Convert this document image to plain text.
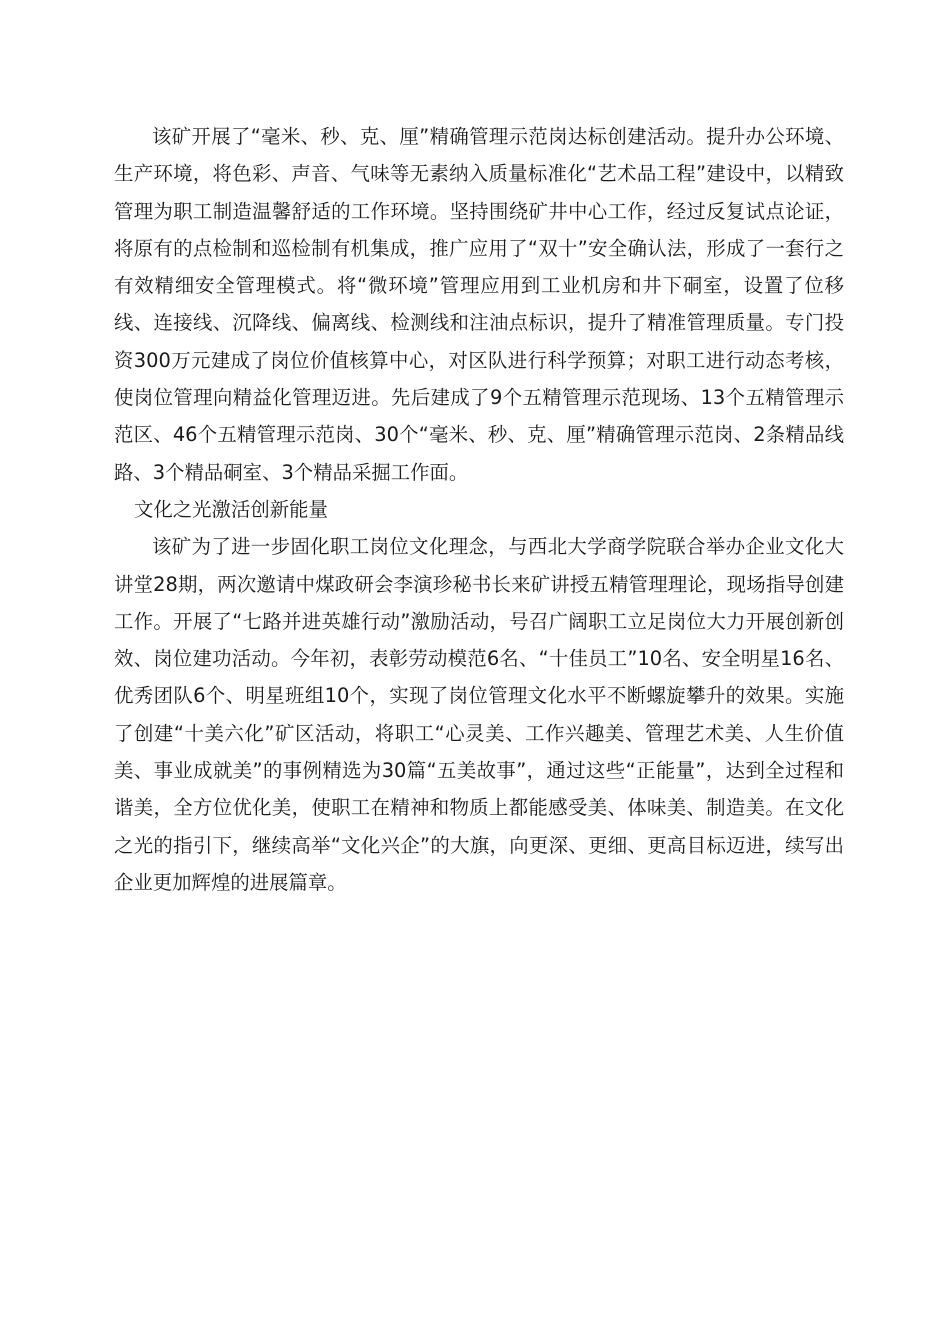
该矿开展了“毫米、秒、克、厘”精确管理示范岗达标创建活动。提升办公环境、生产环境，将色彩、声音、气味等无素纳入质量标准化“艺术品工程”建设中，以精致管理为职工制造温馨舒适的工作环境。坚持围绕矿井中心工作，经过反复试点论证，将原有的点检制和巡检制有机集成，推广应用了“双十”安全确认法，形成了一套行之有效精细安全管理模式。将“微环境”管理应用到工业机房和井下硐室，设置了位移线、连接线、沉降线、偏离线、检测线和注油点标识，提升了精准管理质量。专门投资300万元建成了岗位价值核算中心，对区队进行科学预算；对职工进行动态考核，使岗位管理向精益化管理迈进。先后建成了9个五精管理示范现场、13个五精管理示范区、46个五精管理示范岗、30个“毫米、秒、克、厘”精确管理示范岗、2条精品线路、3个精品硐室、3个精品采掘工作面。

文化之光激活创新能量

该矿为了进一步固化职工岗位文化理念，与西北大学商学院联合举办企业文化大讲堂28期，两次邀请中煤政研会李演珍秘书长来矿讲授五精管理理论，现场指导创建工作。开展了“七路并进英雄行动”激励活动，号召广阔职工立足岗位大力开展创新创效、岗位建功活动。今年初，表彰劳动模范6名、“十佳员工”10名、安全明星16名、优秀团队6个、明星班组10个，实现了岗位管理文化水平不断螺旋攀升的效果。实施了创建“十美六化”矿区活动，将职工“心灵美、工作兴趣美、管理艺术美、人生价值美、事业成就美”的事例精选为30篇“五美故事”，通过这些“正能量”，达到全过程和谐美，全方位优化美，使职工在精神和物质上都能感受美、体味美、制造美。在文化之光的指引下，继续高举“文化兴企”的大旗，向更深、更细、更高目标迈进，续写出企业更加辉煌的进展篇章。
